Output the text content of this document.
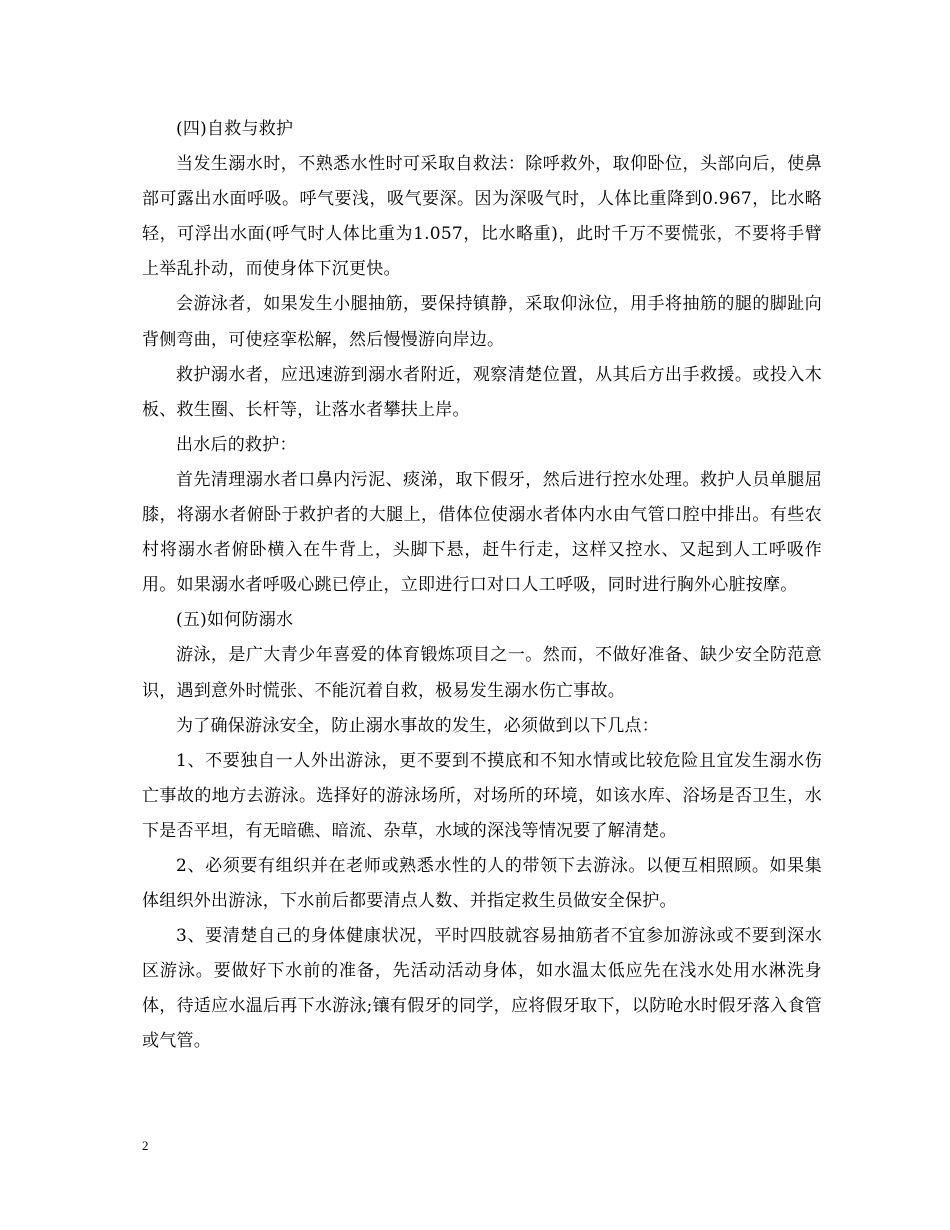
(四)自救与救护

当发生溺水时，不熟悉水性时可采取自救法：除呼救外，取仰卧位，头部向后，使鼻部可露出水面呼吸。呼气要浅，吸气要深。因为深吸气时，人体比重降到0.967，比水略轻，可浮出水面(呼气时人体比重为1.057，比水略重)，此时千万不要慌张，不要将手臂上举乱扑动，而使身体下沉更快。

会游泳者，如果发生小腿抽筋，要保持镇静，采取仰泳位，用手将抽筋的腿的脚趾向背侧弯曲，可使痉挛松解，然后慢慢游向岸边。

救护溺水者，应迅速游到溺水者附近，观察清楚位置，从其后方出手救援。或投入木板、救生圈、长杆等，让落水者攀扶上岸。

出水后的救护：

首先清理溺水者口鼻内污泥、痰涕，取下假牙，然后进行控水处理。救护人员单腿屈膝，将溺水者俯卧于救护者的大腿上，借体位使溺水者体内水由气管口腔中排出。有些农村将溺水者俯卧横入在牛背上，头脚下悬，赶牛行走，这样又控水、又起到人工呼吸作用。如果溺水者呼吸心跳已停止，立即进行口对口人工呼吸，同时进行胸外心脏按摩。

(五)如何防溺水

游泳，是广大青少年喜爱的体育锻炼项目之一。然而，不做好准备、缺少安全防范意识，遇到意外时慌张、不能沉着自救，极易发生溺水伤亡事故。

为了确保游泳安全，防止溺水事故的发生，必须做到以下几点：

1、不要独自一人外出游泳，更不要到不摸底和不知水情或比较危险且宜发生溺水伤亡事故的地方去游泳。选择好的游泳场所，对场所的环境，如该水库、浴场是否卫生，水下是否平坦，有无暗礁、暗流、杂草，水域的深浅等情况要了解清楚。

2、必须要有组织并在老师或熟悉水性的人的带领下去游泳。以便互相照顾。如果集体组织外出游泳，下水前后都要清点人数、并指定救生员做安全保护。

3、要清楚自己的身体健康状况，平时四肢就容易抽筋者不宜参加游泳或不要到深水区游泳。要做好下水前的准备，先活动活动身体，如水温太低应先在浅水处用水淋洗身体，待适应水温后再下水游泳;镶有假牙的同学，应将假牙取下，以防呛水时假牙落入食管或气管。

2
